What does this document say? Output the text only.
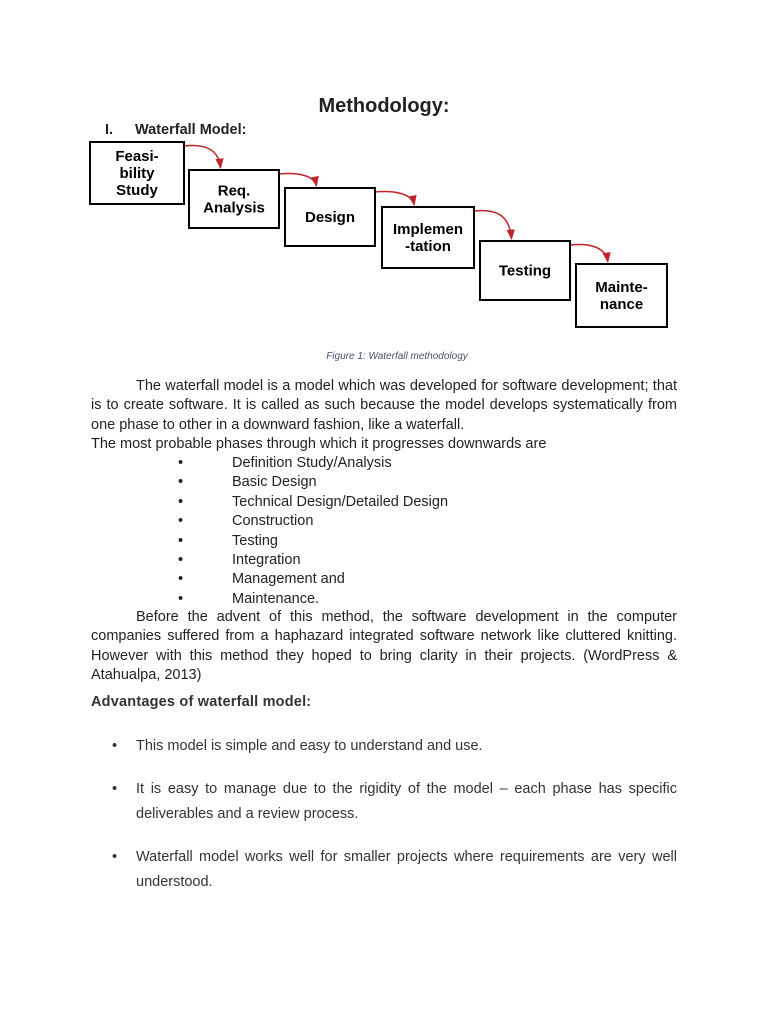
Methodology:
I. Waterfall Model:
Feasi-
bility
Study	Req.
Analysis
Design
Implemen
-tation
Testing
Mainte-
nance
Figure 1: Waterfall methodology

The waterfall model is a model which was developed for software development; that is to create software. It is called as such because the model develops systematically from one phase to other in a downward fashion, like a waterfall.

The most probable phases through which it progresses downwards are

•	Definition Study/Analysis
•	Basic Design
•	Technical Design/Detailed Design
•	Construction
•	Testing
•	Integration
•	Management and
•	Maintenance.

Before the advent of this method, the software development in the computer companies suffered from a haphazard integrated software network like cluttered knitting. However with this method they hoped to bring clarity in their projects. (WordPress & Atahualpa, 2013)

Advantages of waterfall model:
• This model is simple and easy to understand and use.
• It is easy to manage due to the rigidity of the model – each phase has specific deliverables and a review process.
• Waterfall model works well for smaller projects where requirements are very well understood.
